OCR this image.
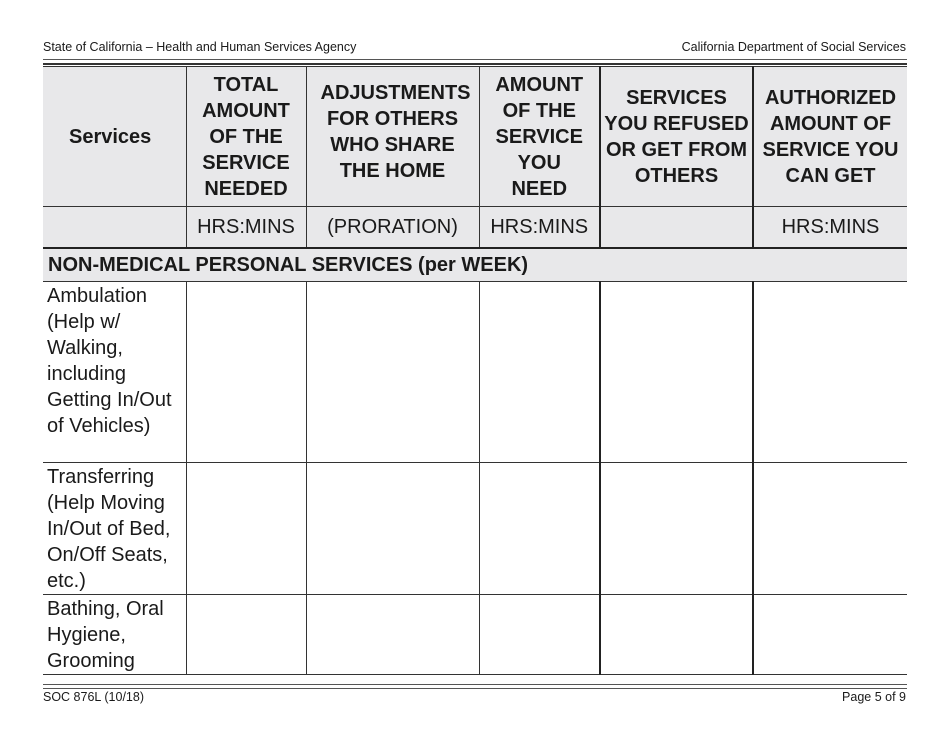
State of California – Health and Human Services Agency	California Department of Social Services
Services	TOTAL AMOUNT OF THE SERVICE NEEDED	ADJUSTMENTS FOR OTHERS WHO SHARE THE HOME	AMOUNT OF THE SERVICE YOU NEED	SERVICES YOU REFUSED OR GET FROM OTHERS	AUTHORIZED AMOUNT OF SERVICE YOU CAN GET
	HRS:MINS	(PRORATION)	HRS:MINS		HRS:MINS
NON-MEDICAL PERSONAL SERVICES (per WEEK)					
Ambulation (Help w/ Walking, including Getting In/Out of Vehicles)					
Transferring (Help Moving In/Out of Bed, On/Off Seats, etc.)					
Bathing, Oral Hygiene, Grooming					
SOC 876L (10/18)	Page 5 of 9
